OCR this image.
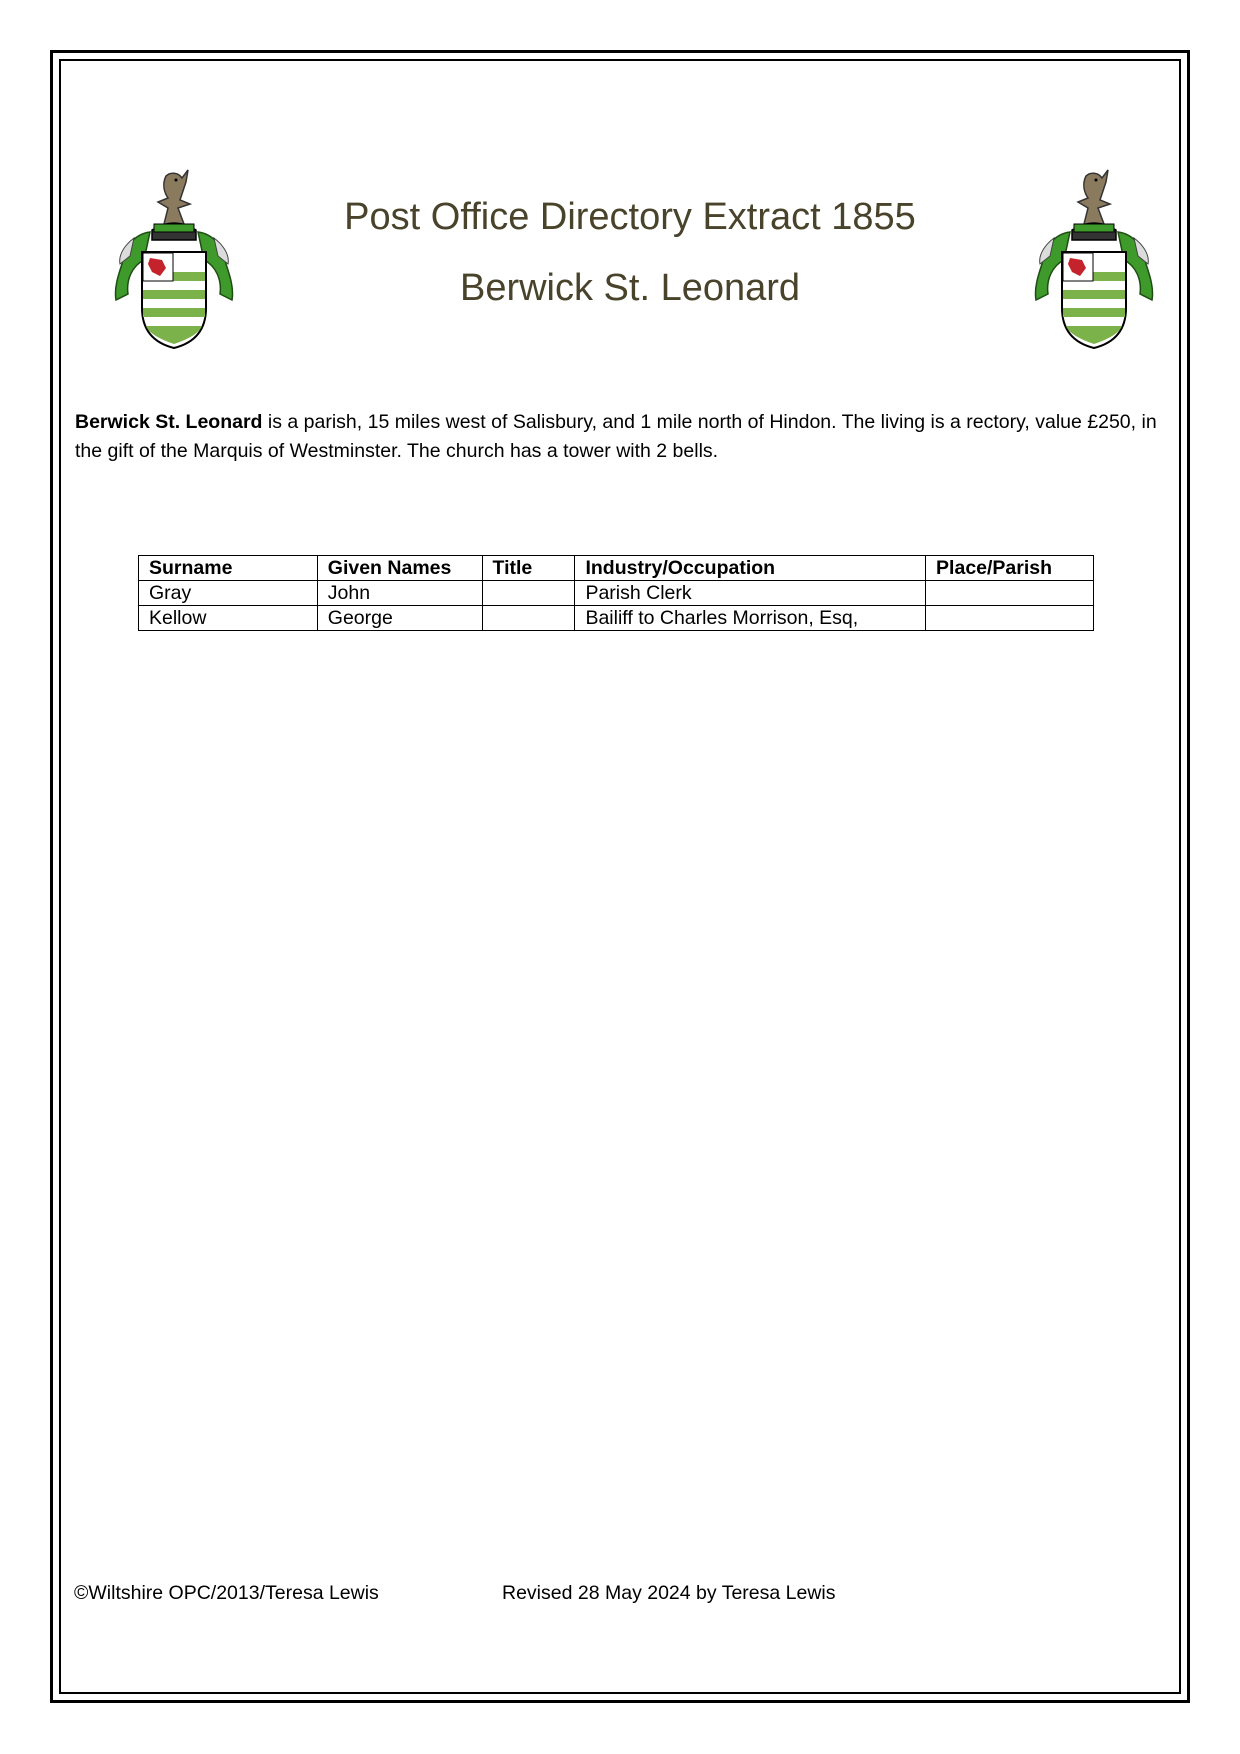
Post Office Directory Extract 1855
Berwick St. Leonard

Berwick St. Leonard is a parish, 15 miles west of Salisbury, and 1 mile north of Hindon. The living is a rectory, value £250, in the gift of the Marquis of Westminster. The church has a tower with 2 bells.

Surname	Given Names	Title	Industry/Occupation	Place/Parish
Gray	John		Parish Clerk	
Kellow	George		Bailiff to Charles Morrison, Esq,	
©Wiltshire OPC/2013/Teresa Lewis	Revised 28 May 2024 by Teresa Lewis
